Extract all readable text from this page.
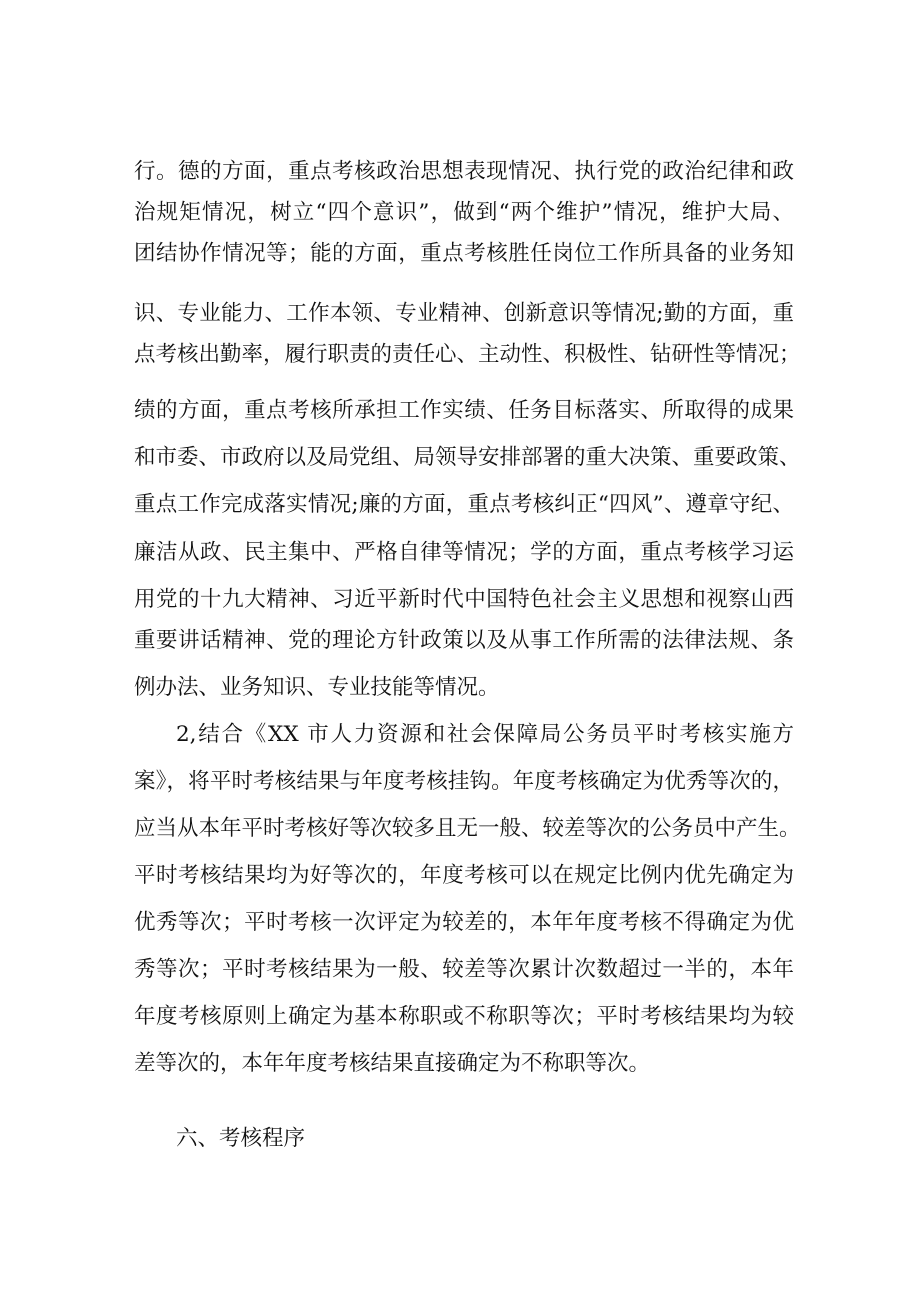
行。德的方面，重点考核政治思想表现情况、执行党的政治纪律和政
治规矩情况，树立“四个意识”，做到“两个维护”情况，维护大局、
团结协作情况等；能的方面，重点考核胜任岗位工作所具备的业务知
识、专业能力、工作本领、专业精神、创新意识等情况;勤的方面，重
点考核出勤率，履行职责的责任心、主动性、积极性、钻研性等情况；
绩的方面，重点考核所承担工作实绩、任务目标落实、所取得的成果
和市委、市政府以及局党组、局领导安排部署的重大决策、重要政策、
重点工作完成落实情况;廉的方面，重点考核纠正“四风”、遵章守纪、
廉洁从政、民主集中、严格自律等情况；学的方面，重点考核学习运
用党的十九大精神、习近平新时代中国特色社会主义思想和视察山西
重要讲话精神、党的理论方针政策以及从事工作所需的法律法规、条
例办法、业务知识、专业技能等情况。
2,结合《XX 市人力资源和社会保障局公务员平时考核实施方
案》，将平时考核结果与年度考核挂钩。年度考核确定为优秀等次的，
应当从本年平时考核好等次较多且无一般、较差等次的公务员中产生。
平时考核结果均为好等次的，年度考核可以在规定比例内优先确定为
优秀等次；平时考核一次评定为较差的，本年年度考核不得确定为优
秀等次；平时考核结果为一般、较差等次累计次数超过一半的，本年
年度考核原则上确定为基本称职或不称职等次；平时考核结果均为较
差等次的，本年年度考核结果直接确定为不称职等次。
六、考核程序
